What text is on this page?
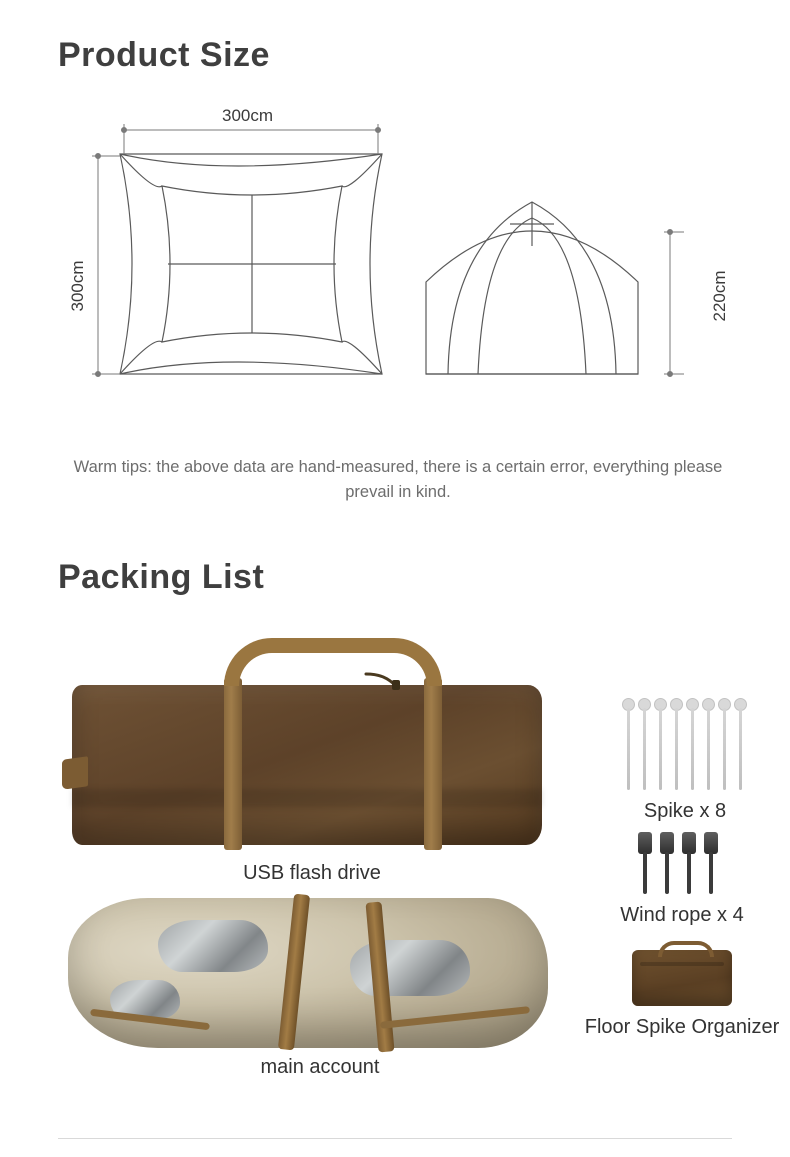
Product Size
300cm
300cm	220cm
Warm tips: the above data are hand-measured, there is a certain error, everything please prevail in kind.
Packing List
USB flash drive
main account
Spike x 8
Wind rope x 4
Floor Spike Organizer
